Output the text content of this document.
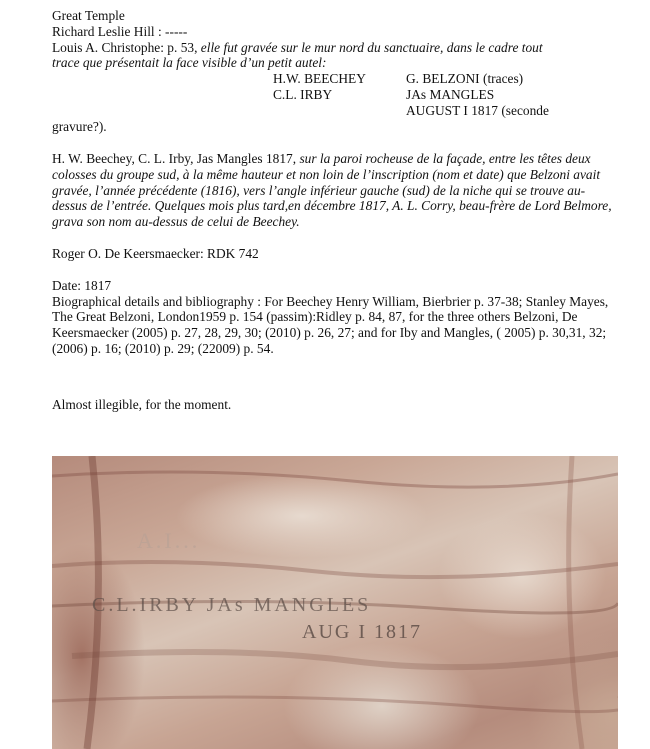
Great Temple
Richard Leslie Hill : -----
Louis A. Christophe: p. 53, elle fut gravée sur le mur nord du sanctuaire, dans le cadre tout
trace que présentait la face visible d’un petit autel:
H.W. BEECHEY
C.L. IRBY
G. BELZONI (traces)
JAs MANGLES
AUGUST I 1817 (seconde
gravure?).
H. W. Beechey, C. L. Irby, Jas Mangles 1817, sur la paroi rocheuse de la façade, entre les têtes deux colosses du groupe sud, à la même hauteur et non loin de l’inscription (nom et date) que Belzoni avait gravée, l’année précédente (1816), vers l’angle inférieur gauche (sud) de la niche qui se trouve au-dessus de l’entrée. Quelques mois plus tard,en décembre 1817, A. L. Corry, beau-frère de Lord Belmore, grava son nom au-dessus de celui de Beechey.
Roger O. De Keersmaecker: RDK 742
Date: 1817
Biographical details and bibliography : For Beechey Henry William, Bierbrier p. 37-38; Stanley Mayes, The Great Belzoni, London1959 p. 154 (passim):Ridley p. 84, 87, for the three others Belzoni, De Keersmaecker (2005) p. 27, 28, 29, 30; (2010) p. 26, 27; and for Iby and Mangles, ( 2005) p. 30,31, 32; (2006) p. 16; (2010) p. 29; (22009) p. 54.
Almost illegible, for the moment.
A.I...
C.L.IRBY JAs MANGLES
AUG I 1817
